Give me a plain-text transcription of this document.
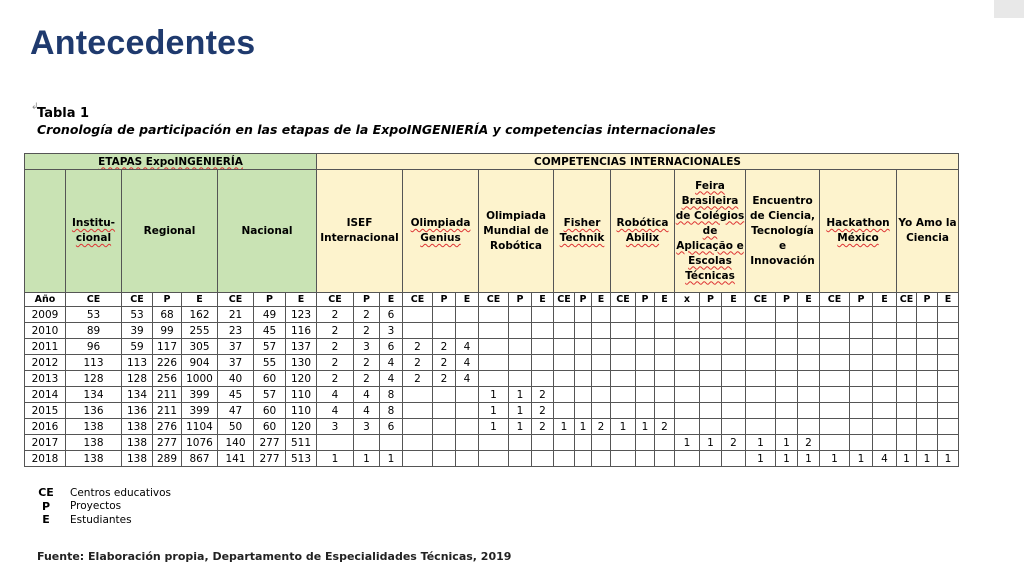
Antecedentes
↲
Tabla 1
Cronología de participación en las etapas de la ExpoINGENIERÍA y competencias internacionales
ETAPAS ExpoINGENIERÍA								COMPETENCIAS INTERNACIONALES																										
	Institu-cional	Regional			Nacional			ISEF Internacional			Olimpiada Genius			Olimpiada Mundial de Robótica			Fisher Technik			Robótica Abilix			Feira Brasileira de Colégios de Aplicação e Escolas Técnicas			Encuentro de Ciencia, Tecnología e Innovación			Hackathon México			Yo Amo la Ciencia		
Año	CE	CE	P	E	CE	P	E	CE	P	E	CE	P	E	CE	P	E	CE	P	E	CE	P	E	x	P	E	CE	P	E	CE	P	E	CE	P	E
2009	53	53	68	162	21	49	123	2	2	6																								
2010	89	39	99	255	23	45	116	2	2	3																								
2011	96	59	117	305	37	57	137	2	3	6	2	2	4																					
2012	113	113	226	904	37	55	130	2	2	4	2	2	4																					
2013	128	128	256	1000	40	60	120	2	2	4	2	2	4																					
2014	134	134	211	399	45	57	110	4	4	8				1	1	2																		
2015	136	136	211	399	47	60	110	4	4	8				1	1	2																		
2016	138	138	276	1104	50	60	120	3	3	6				1	1	2	1	1	2	1	1	2												
2017	138	138	277	1076	140	277	511																1	1	2	1	1	2						
2018	138	138	289	867	141	277	513	1	1	1																1	1	1	1	1	4	1	1	1
CE Centros educativos
P	Proyectos
E	Estudiantes
Fuente: Elaboración propia, Departamento de Especialidades Técnicas, 2019
